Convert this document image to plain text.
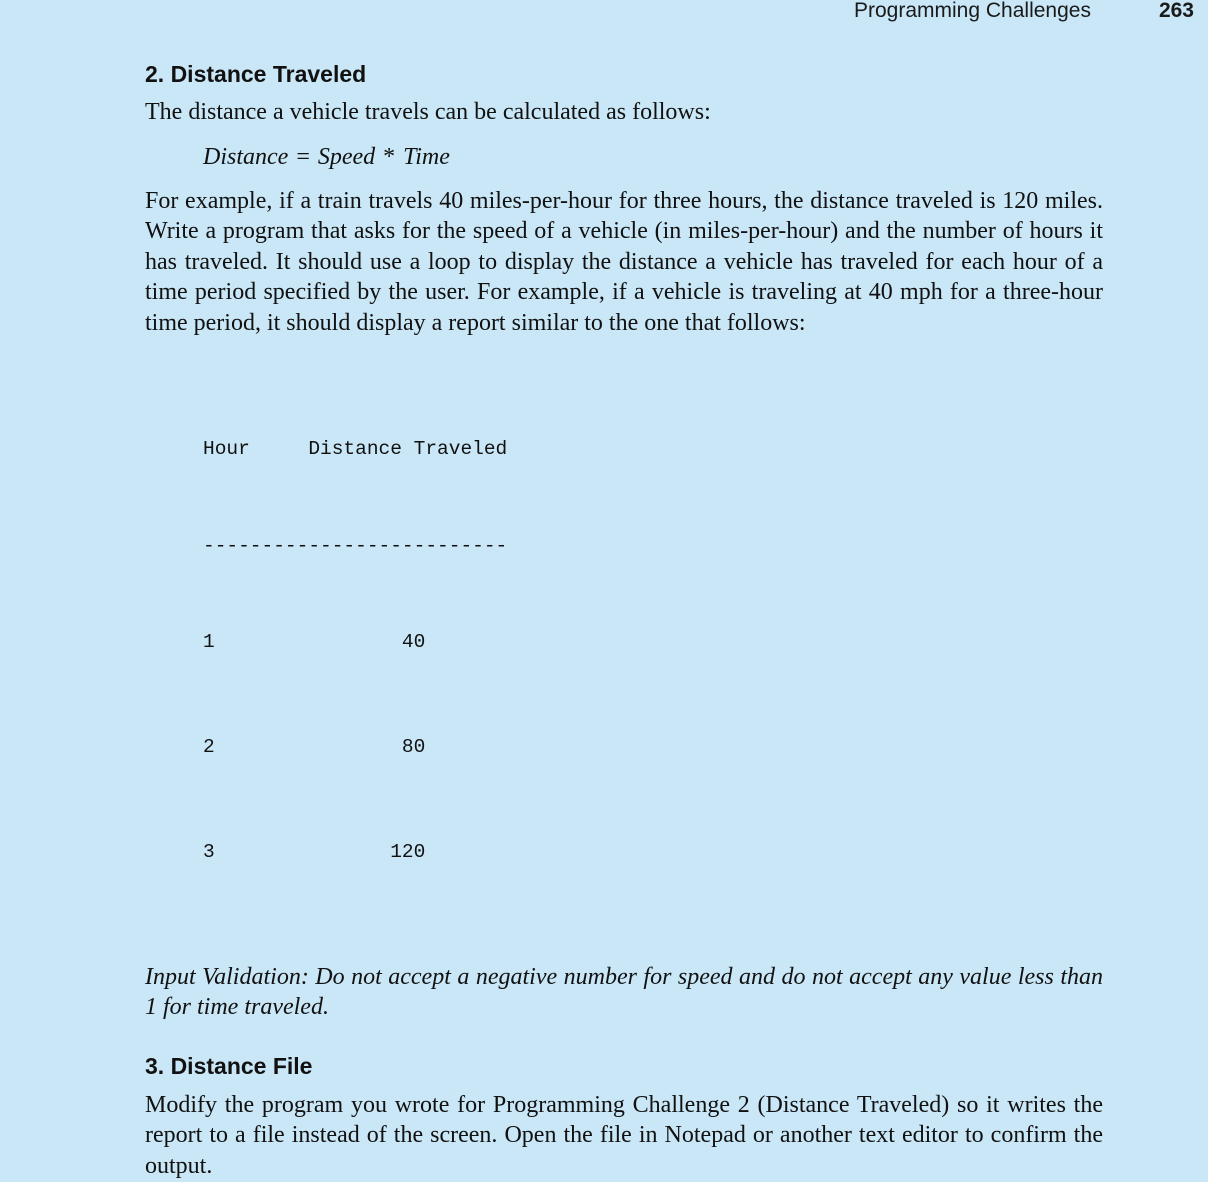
Programming Challenges	263
2. Distance Traveled

The distance a vehicle travels can be calculated as follows:

Distance = Speed * Time

For example, if a train travels 40 miles-per-hour for three hours, the distance traveled is 120 miles. Write a program that asks for the speed of a vehicle (in miles-per-hour) and the number of hours it has traveled. It should use a loop to display the distance a vehicle has traveled for each hour of a time period specified by the user. For example, if a vehicle is traveling at 40 mph for a three-hour time period, it should display a report similar to the one that follows:

Hour     Distance Traveled

--------------------------

1                40

2                80

3               120

Input Validation: Do not accept a negative number for speed and do not accept any value less than 1 for time traveled.

3. Distance File

Modify the program you wrote for Programming Challenge 2 (Distance Traveled) so it writes the report to a file instead of the screen. Open the file in Notepad or another text editor to confirm the output.
